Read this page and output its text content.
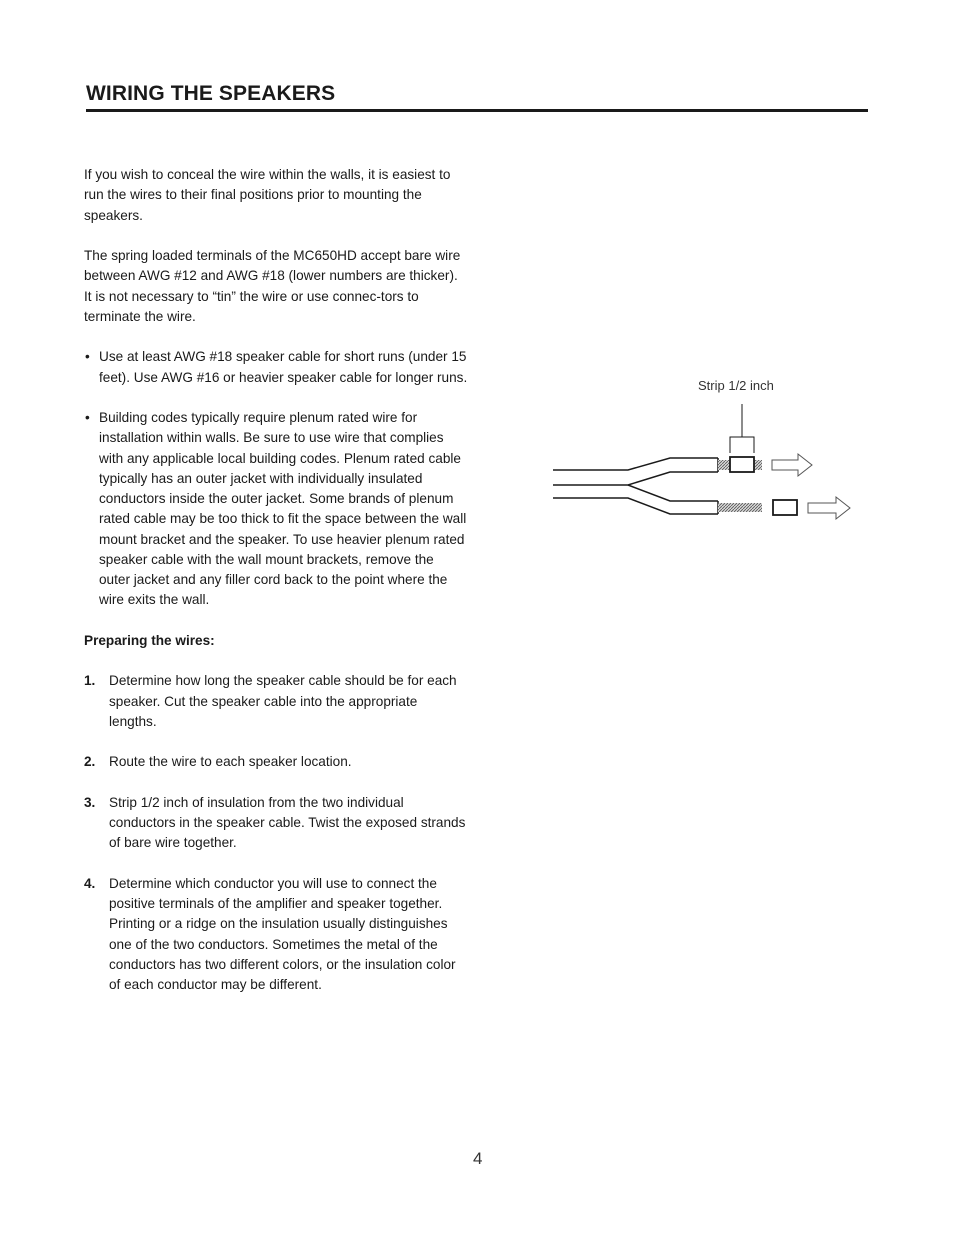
WIRING THE SPEAKERS

If you wish to conceal the wire within the walls, it is easiest to run the wires to their final positions prior to mounting the speakers.

The spring loaded terminals of the MC650HD accept bare wire between AWG #12 and AWG #18 (lower numbers are thicker). It is not necessary to “tin” the wire or use connec-tors to terminate the wire.

• Use at least AWG #18 speaker cable for short runs (under 15 feet). Use AWG #16 or heavier speaker cable for longer runs.
• Building codes typically require plenum rated wire for installation within walls. Be sure to use wire that complies with any applicable local building codes. Plenum rated cable typically has an outer jacket with individually insulated conductors inside the outer jacket. Some brands of plenum rated cable may be too thick to fit the space between the wall mount bracket and the speaker. To use heavier plenum rated speaker cable with the wall mount brackets, remove the outer jacket and any filler cord back to the point where the wire exits the wall.
Preparing the wires:
1. Determine how long the speaker cable should be for each speaker. Cut the speaker cable into the appropriate lengths.
2. Route the wire to each speaker location.
3. Strip 1/2 inch of insulation from the two individual conductors in the speaker cable. Twist the exposed strands of bare wire together.
4. Determine which conductor you will use to connect the positive terminals of the amplifier and speaker together. Printing or a ridge on the insulation usually distinguishes one of the two conductors. Sometimes the metal of the conductors has two different colors, or the insulation color of each conductor may be different.
Strip 1/2 inch
4
